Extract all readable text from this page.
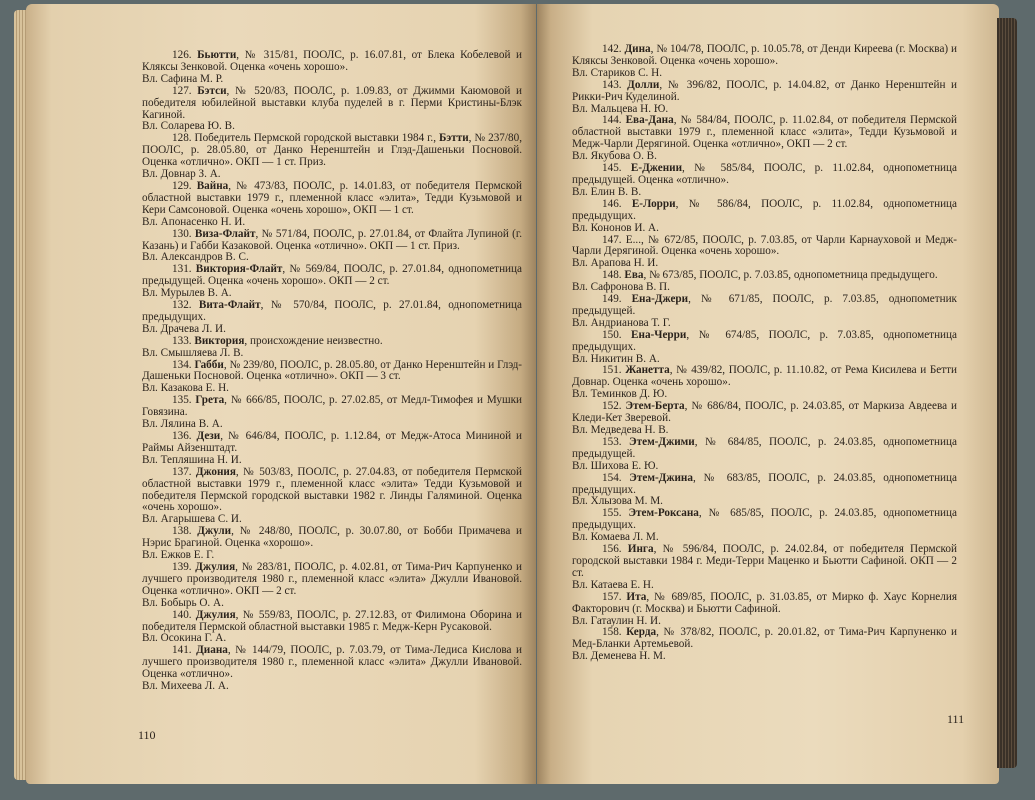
126. Бьютти, № 315/81, ПООЛС, р. 16.07.81, от Блека Кобелевой и Кляксы Зенковой. Оценка «очень хорошо».

Вл. Сафина М. Р.

127. Бэтси, № 520/83, ПООЛС, р. 1.09.83, от Джимми Каюмовой и победителя юбилейной выставки клуба пуделей в г. Перми Кристины-Блэк Кагиной.

Вл. Соларева Ю. В.

128. Победитель Пермской городской выставки 1984 г., Бэтти, № 237/80, ПООЛС, р. 28.05.80, от Данко Неренштейн и Глэд-Дашеньки Посновой. Оценка «отлично». ОКП — 1 ст. Приз.

Вл. Довнар З. А.

129. Вайна, № 473/83, ПООЛС, р. 14.01.83, от победителя Пермской областной выставки 1979 г., племенной класс «элита», Тедди Кузьмовой и Кери Самсоновой. Оценка «очень хорошо», ОКП — 1 ст.

Вл. Апонасенко Н. И.

130. Виза-Флайт, № 571/84, ПООЛС, р. 27.01.84, от Флайта Лупиной (г. Казань) и Габби Казаковой. Оценка «отлично». ОКП — 1 ст. Приз.

Вл. Александров В. С.

131. Виктория-Флайт, № 569/84, ПООЛС, р. 27.01.84, однопометница предыдущей. Оценка «очень хорошо». ОКП — 2 ст.

Вл. Мурылев В. А.

132. Вита-Флайт, № 570/84, ПООЛС, р. 27.01.84, однопометница предыдущих.

Вл. Драчева Л. И.

133. Виктория, происхождение неизвестно.

Вл. Смышляева Л. В.

134. Габби, № 239/80, ПООЛС, р. 28.05.80, от Данко Неренштейн и Глэд-Дашеньки Посновой. Оценка «отлично». ОКП — 3 ст.

Вл. Казакова Е. Н.

135. Грета, № 666/85, ПООЛС, р. 27.02.85, от Медл-Тимофея и Мушки Говязина.

Вл. Лялина В. А.

136. Дези, № 646/84, ПООЛС, р. 1.12.84, от Медж-Атоса Мининой и Раймы Айзенштадт.

Вл. Тепляшина Н. И.

137. Джония, № 503/83, ПООЛС, р. 27.04.83, от победителя Пермской областной выставки 1979 г., племенной класс «элита» Тедди Кузьмовой и победителя Пермской городской выставки 1982 г. Линды Галяминой. Оценка «очень хорошо».

Вл. Агарышева С. И.

138. Джули, № 248/80, ПООЛС, р. 30.07.80, от Бобби Примачева и Нэрис Брагиной. Оценка «хорошо».

Вл. Ежков Е. Г.

139. Джулия, № 283/81, ПООЛС, р. 4.02.81, от Тима-Рич Карпуненко и лучшего производителя 1980 г., племенной класс «элита» Джулли Ивановой. Оценка «отлично». ОКП — 2 ст.

Вл. Бобырь О. А.

140. Джулия, № 559/83, ПООЛС, р. 27.12.83, от Филимона Оборина и победителя Пермской областной выставки 1985 г. Медж-Керн Русаковой.

Вл. Осокина Г. А.

141. Диана, № 144/79, ПООЛС, р. 7.03.79, от Тима-Ледиса Кислова и лучшего производителя 1980 г., племенной класс «элита» Джулли Ивановой. Оценка «отлично».

Вл. Михеева Л. А.

110

142. Дина, № 104/78, ПООЛС, р. 10.05.78, от Денди Киреева (г. Москва) и Кляксы Зенковой. Оценка «очень хорошо».

Вл. Стариков С. Н.

143. Долли, № 396/82, ПООЛС, р. 14.04.82, от Данко Неренштейн и Рикки-Рич Куделиной.

Вл. Мальцева Н. Ю.

144. Ева-Дана, № 584/84, ПООЛС, р. 11.02.84, от победителя Пермской областной выставки 1979 г., племенной класс «элита», Тедди Кузьмовой и Медж-Чарли Дерягиной. Оценка «отлично», ОКП — 2 ст.

Вл. Якубова О. В.

145. Е-Джении, № 585/84, ПООЛС, р. 11.02.84, однопометница предыдущей. Оценка «отлично».

Вл. Елин В. В.

146. Е-Лорри, № 586/84, ПООЛС, р. 11.02.84, однопометница предыдущих.

Вл. Кононов И. А.

147. Е..., № 672/85, ПООЛС, р. 7.03.85, от Чарли Карнауховой и Медж-Чарли Дерягиной. Оценка «очень хорошо».

Вл. Арапова Н. И.

148. Ева, № 673/85, ПООЛС, р. 7.03.85, однопометница предыдущего.

Вл. Сафронова В. П.

149. Ена-Джери, № 671/85, ПООЛС, р. 7.03.85, однопометник предыдущей.

Вл. Андрианова Т. Г.

150. Ена-Черри, № 674/85, ПООЛС, р. 7.03.85, однопометница предыдущих.

Вл. Никитин В. А.

151. Жанетта, № 439/82, ПООЛС, р. 11.10.82, от Рема Кисилева и Бетти Довнар. Оценка «очень хорошо».

Вл. Теминков Д. Ю.

152. Этем-Берта, № 686/84, ПООЛС, р. 24.03.85, от Маркиза Авдеева и Кледи-Кет Зверевой.

Вл. Медведева Н. В.

153. Этем-Джими, № 684/85, ПООЛС, р. 24.03.85, однопометница предыдущей.

Вл. Шихова Е. Ю.

154. Этем-Джина, № 683/85, ПООЛС, р. 24.03.85, однопометница предыдущих.

Вл. Хлызова М. М.

155. Этем-Роксана, № 685/85, ПООЛС, р. 24.03.85, однопометница предыдущих.

Вл. Комаева Л. М.

156. Инга, № 596/84, ПООЛС, р. 24.02.84, от победителя Пермской городской выставки 1984 г. Меди-Терри Маценко и Бьютти Сафиной. ОКП — 2 ст.

Вл. Катаева Е. Н.

157. Ита, № 689/85, ПООЛС, р. 31.03.85, от Мирко ф. Хаус Корнелия Факторович (г. Москва) и Бьютти Сафиной.

Вл. Гатаулин Н. И.

158. Керда, № 378/82, ПООЛС, р. 20.01.82, от Тима-Рич Карпуненко и Мед-Бланки Артемьевой.

Вл. Деменева Н. М.

111
